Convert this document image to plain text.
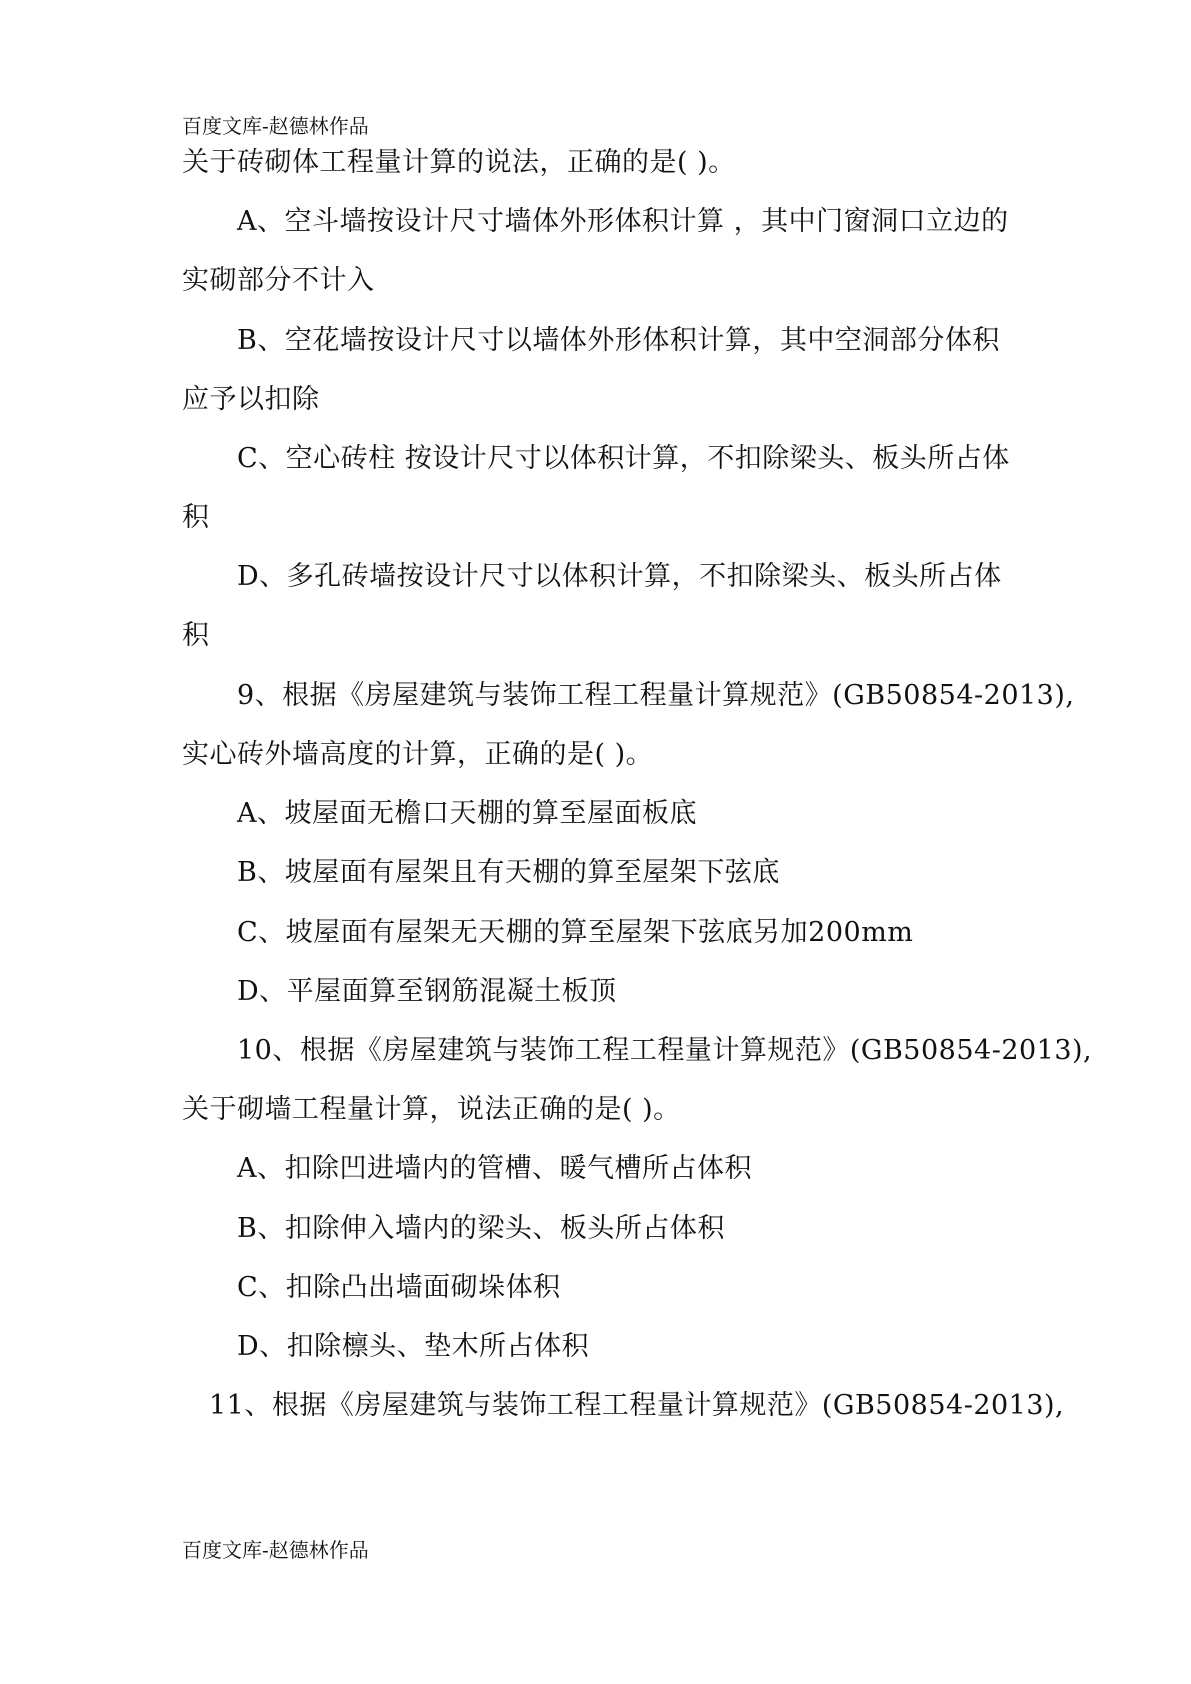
百度文库-赵德林作品
关于砖砌体工程量计算的说法，正确的是( )。
A、空斗墙按设计尺寸墙体外形体积计算 ，其中门窗洞口立边的
实砌部分不计入
B、空花墙按设计尺寸以墙体外形体积计算，其中空洞部分体积
应予以扣除
C、空心砖柱 按设计尺寸以体积计算，不扣除梁头、板头所占体
积
D、多孔砖墙按设计尺寸以体积计算，不扣除梁头、板头所占体
积
9、根据《房屋建筑与装饰工程工程量计算规范》(GB50854-2013),
实心砖外墙高度的计算，正确的是( )。
A、坡屋面无檐口天棚的算至屋面板底
B、坡屋面有屋架且有天棚的算至屋架下弦底
C、坡屋面有屋架无天棚的算至屋架下弦底另加200mm
D、平屋面算至钢筋混凝土板顶
10、根据《房屋建筑与装饰工程工程量计算规范》(GB50854-2013),
关于砌墙工程量计算，说法正确的是( )。
A、扣除凹进墙内的管槽、暖气槽所占体积
B、扣除伸入墙内的梁头、板头所占体积
C、扣除凸出墙面砌垛体积
D、扣除檩头、垫木所占体积
11、根据《房屋建筑与装饰工程工程量计算规范》(GB50854-2013),
百度文库-赵德林作品
